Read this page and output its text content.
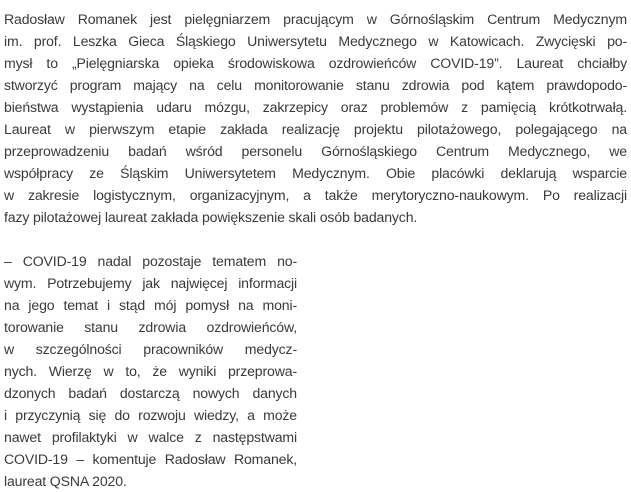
Radosław Romanek jest pielęgniarzem pracującym w Górnośląskim Centrum Medycznym
im. prof. Leszka Gieca Śląskiego Uniwersytetu Medycznego w Katowicach. Zwycięski po-
mysł to „Pielęgniarska opieka środowiskowa ozdrowieńców COVID-19”. Laureat chciałby
stworzyć program mający na celu monitorowanie stanu zdrowia pod kątem prawdopodo-
bieństwa wystąpienia udaru mózgu, zakrzepicy oraz problemów z pamięcią krótkotrwałą.
Laureat w pierwszym etapie zakłada realizację projektu pilotażowego, polegającego na
przeprowadzeniu badań wśród personelu Górnośląskiego Centrum Medycznego, we
współpracy ze Śląskim Uniwersytetem Medycznym. Obie placówki deklarują wsparcie
w zakresie logistycznym, organizacyjnym, a także merytoryczno-naukowym. Po realizacji
fazy pilotażowej laureat zakłada powiększenie skali osób badanych.
– COVID-19 nadal pozostaje tematem no-
wym. Potrzebujemy jak najwięcej informacji
na jego temat i stąd mój pomysł na moni-
torowanie stanu zdrowia ozdrowieńców,
w szczególności pracowników medycz-
nych. Wierzę w to, że wyniki przeprowa-
dzonych badań dostarczą nowych danych
i przyczynią się do rozwoju wiedzy, a może
nawet profilaktyki w walce z następstwami
COVID-19 – komentuje Radosław Romanek,
laureat QSNA 2020.
